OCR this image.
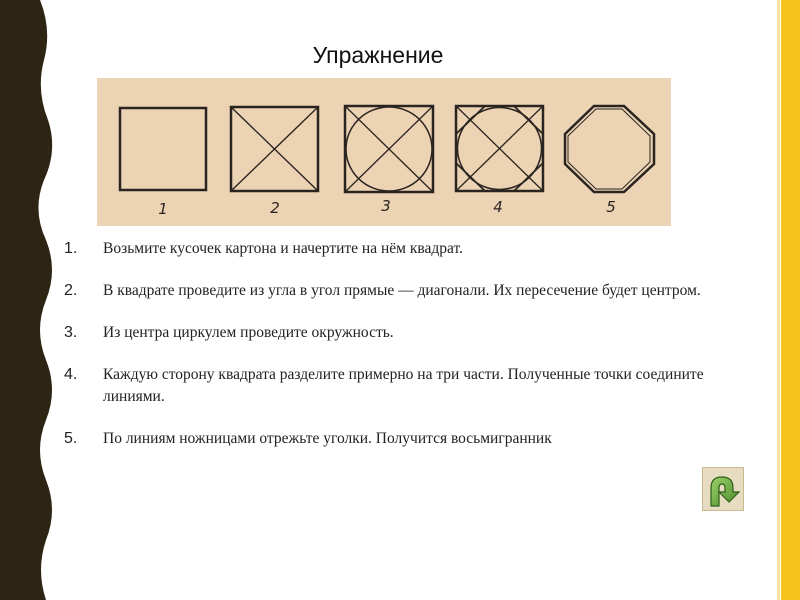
Упражнение
1	2	3	4	5
1. Возьмите кусочек картона и начертите на нём квадрат.
2. В квадрате проведите из угла в угол прямые — диагонали. Их пересечение будет центром.
3. Из центра циркулем проведите окружность.
4. Каждую сторону квадрата разделите примерно на три части. Полученные точки соедините линиями.
5. По линиям ножницами отрежьте уголки. Получится восьмигранник
